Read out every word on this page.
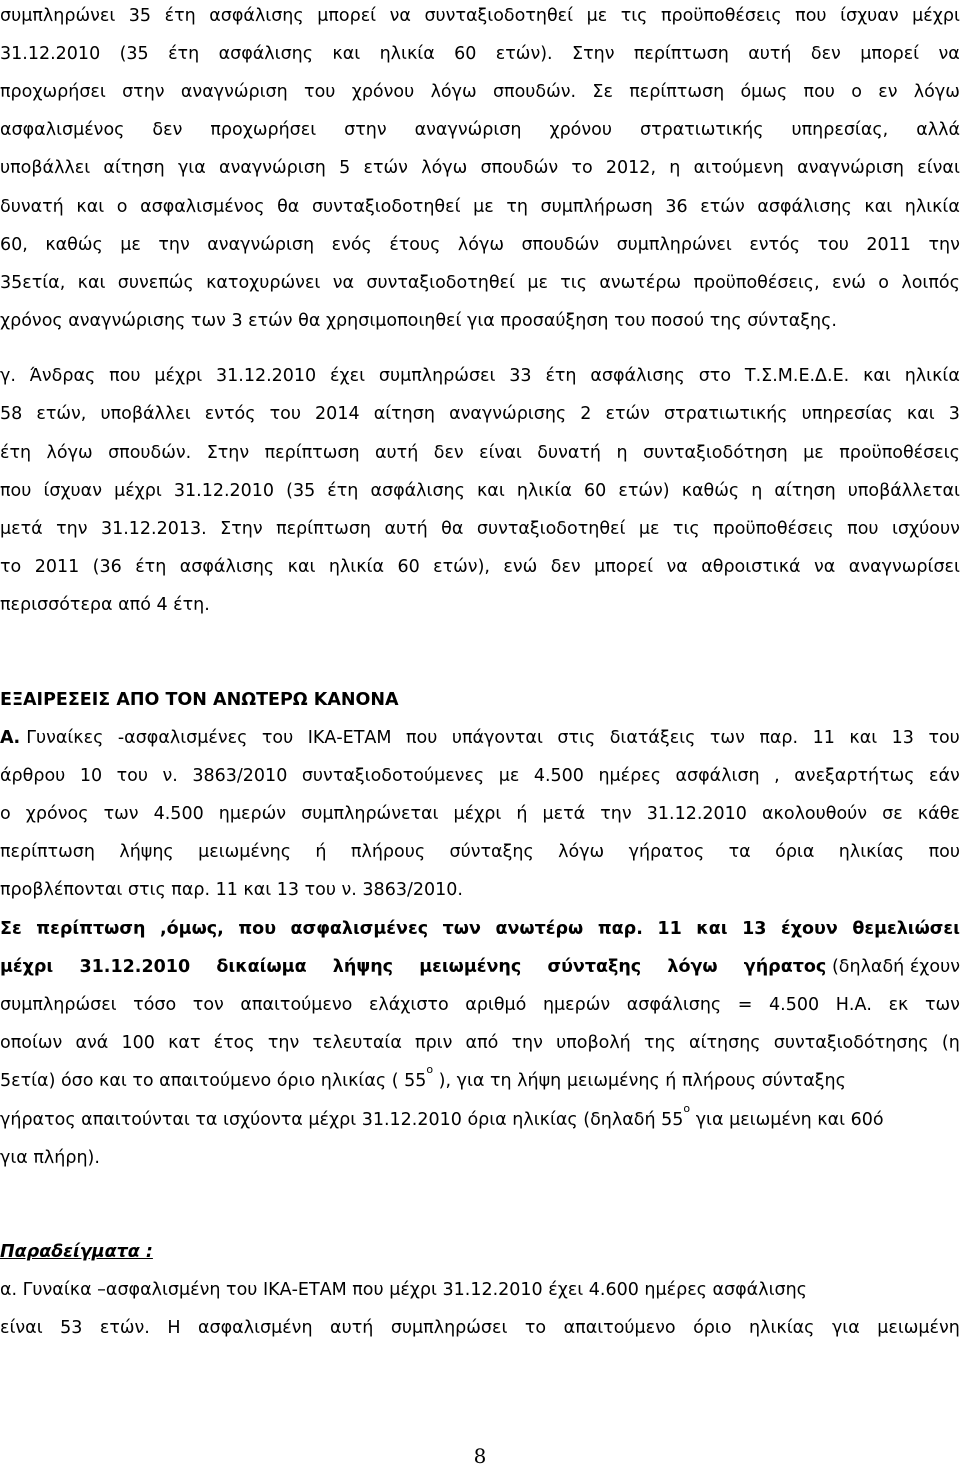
συμπληρώνει 35 έτη ασφάλισης μπορεί να συνταξιοδοτηθεί με τις προϋποθέσεις που ίσχυαν μέχρι
31.12.2010 (35 έτη ασφάλισης και ηλικία 60 ετών). Στην περίπτωση αυτή δεν μπορεί να
προχωρήσει στην αναγνώριση του χρόνου λόγω σπουδών. Σε περίπτωση όμως που ο εν λόγω
ασφαλισμένος δεν προχωρήσει στην αναγνώριση χρόνου στρατιωτικής υπηρεσίας, αλλά
υποβάλλει αίτηση για αναγνώριση 5 ετών λόγω σπουδών το 2012, η αιτούμενη αναγνώριση είναι
δυνατή και ο ασφαλισμένος θα συνταξιοδοτηθεί με τη συμπλήρωση 36 ετών ασφάλισης και ηλικία
60, καθώς με την αναγνώριση ενός έτους λόγω σπουδών συμπληρώνει εντός του 2011 την
35ετία, και συνεπώς κατοχυρώνει να συνταξιοδοτηθεί με τις ανωτέρω προϋποθέσεις, ενώ ο λοιπός
χρόνος αναγνώρισης των 3 ετών θα χρησιμοποιηθεί για προσαύξηση του ποσού της σύνταξης.
γ. Άνδρας που μέχρι 31.12.2010 έχει συμπληρώσει 33 έτη ασφάλισης στο Τ.Σ.Μ.Ε.Δ.Ε. και ηλικία
58 ετών, υποβάλλει εντός του 2014 αίτηση αναγνώρισης 2 ετών στρατιωτικής υπηρεσίας και 3
έτη λόγω σπουδών. Στην περίπτωση αυτή δεν είναι δυνατή η συνταξιοδότηση με προϋποθέσεις
που ίσχυαν μέχρι 31.12.2010 (35 έτη ασφάλισης και ηλικία 60 ετών) καθώς η αίτηση υποβάλλεται
μετά την 31.12.2013. Στην περίπτωση αυτή θα συνταξιοδοτηθεί με τις προϋποθέσεις που ισχύουν
το 2011 (36 έτη ασφάλισης και ηλικία 60 ετών), ενώ δεν μπορεί να αθροιστικά να αναγνωρίσει
περισσότερα από 4 έτη.
ΕΞΑΙΡΕΣΕΙΣ ΑΠΟ ΤΟΝ ΑΝΩΤΕΡΩ ΚΑΝΟΝΑ
Α. Γυναίκες -ασφαλισμένες του ΙΚΑ-ΕΤΑΜ που υπάγονται στις διατάξεις των παρ. 11 και 13 του
άρθρου 10 του ν. 3863/2010 συνταξιοδοτούμενες με 4.500 ημέρες ασφάλιση , ανεξαρτήτως εάν
ο χρόνος των 4.500 ημερών συμπληρώνεται μέχρι ή μετά την 31.12.2010 ακολουθούν σε κάθε
περίπτωση λήψης μειωμένης ή πλήρους σύνταξης λόγω γήρατος τα όρια ηλικίας που
προβλέπονται στις παρ. 11 και 13 του ν. 3863/2010.
Σε περίπτωση ,όμως, που ασφαλισμένες των ανωτέρω παρ. 11 και 13 έχουν θεμελιώσει
μέχρι 31.12.2010 δικαίωμα λήψης μειωμένης σύνταξης λόγω γήρατος (δηλαδή έχουν
συμπληρώσει τόσο τον απαιτούμενο ελάχιστο αριθμό ημερών ασφάλισης = 4.500 Η.Α. εκ των
οποίων ανά 100 κατ έτος την τελευταία πριν από την υποβολή της αίτησης συνταξιοδότησης (η
5ετία) όσο και το απαιτούμενο όριο ηλικίας ( $55^o$ ), για τη λήψη μειωμένης ή πλήρους σύνταξης
γήρατος απαιτούνται τα ισχύοντα μέχρι 31.12.2010 όρια ηλικίας (δηλαδή $55^o$ για μειωμένη και 60ό
για πλήρη).
Παραδείγματα :
α. Γυναίκα –ασφαλισμένη του ΙΚΑ-ΕΤΑΜ που μέχρι 31.12.2010 έχει 4.600 ημέρες ασφάλισης
είναι 53 ετών. Η ασφαλισμένη αυτή συμπληρώσει το απαιτούμενο όριο ηλικίας για μειωμένη
8
